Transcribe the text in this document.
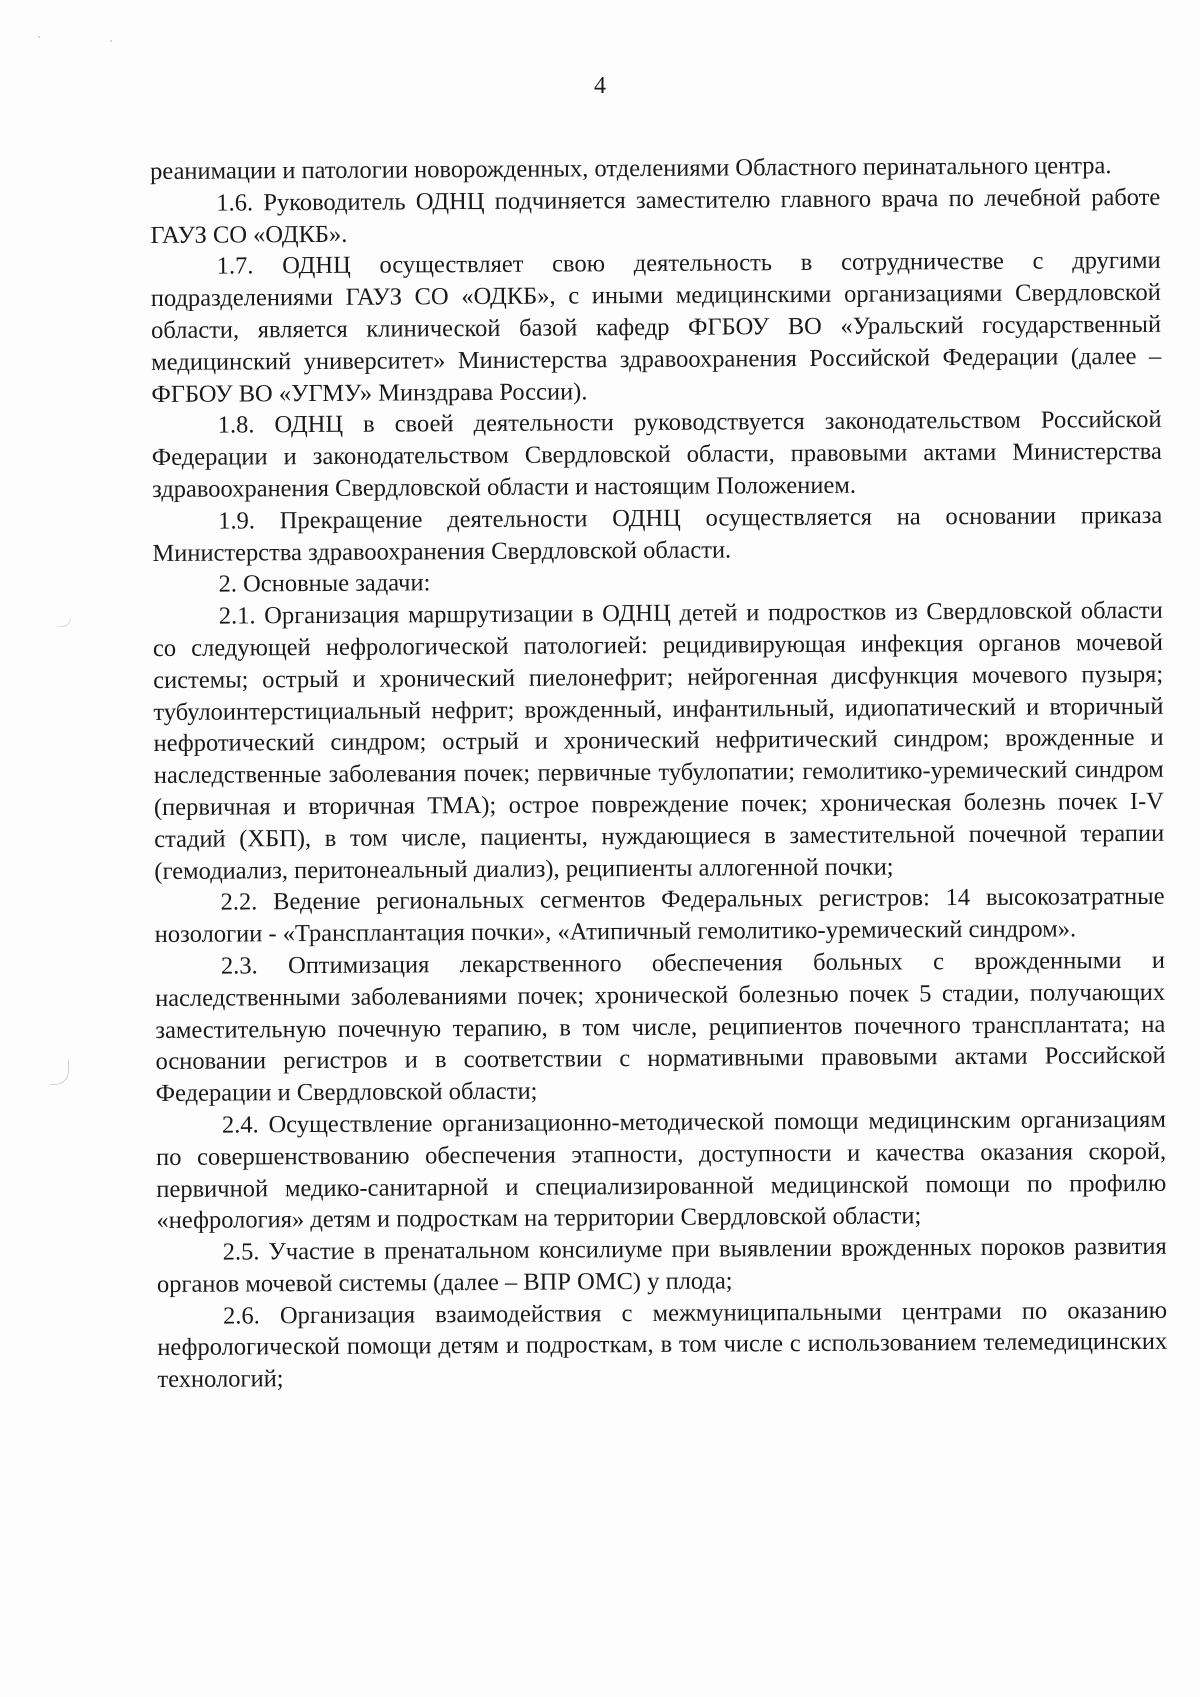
4

реанимации и патологии новорожденных, отделениями Областного перинатального центра.

1.6. Руководитель ОДНЦ подчиняется заместителю главного врача по лечебной работе ГАУЗ СО «ОДКБ».

1.7. ОДНЦ осуществляет свою деятельность в сотрудничестве с другими подразделениями ГАУЗ СО «ОДКБ», с иными медицинскими организациями Свердловской области, является клинической базой кафедр ФГБОУ ВО «Уральский государственный медицинский университет» Министерства здравоохранения Российской Федерации (далее – ФГБОУ ВО «УГМУ» Минздрава России).

1.8. ОДНЦ в своей деятельности руководствуется законодательством Российской Федерации и законодательством Свердловской области, правовыми актами Министерства здравоохранения Свердловской области и настоящим Положением.

1.9. Прекращение деятельности ОДНЦ осуществляется на основании приказа Министерства здравоохранения Свердловской области.

2. Основные задачи:

2.1. Организация маршрутизации в ОДНЦ детей и подростков из Свердловской области со следующей нефрологической патологией: рецидивирующая инфекция органов мочевой системы; острый и хронический пиелонефрит; нейрогенная дисфункция мочевого пузыря; тубулоинтерстициальный нефрит; врожденный, инфантильный, идиопатический и вторичный нефротический синдром; острый и хронический нефритический синдром; врожденные и наследственные заболевания почек; первичные тубулопатии; гемолитико-уремический синдром (первичная и вторичная ТМА); острое повреждение почек; хроническая болезнь почек I-V стадий (ХБП), в том числе, пациенты, нуждающиеся в заместительной почечной терапии (гемодиализ, перитонеальный диализ), реципиенты аллогенной почки;

2.2. Ведение региональных сегментов Федеральных регистров: 14 высокозатратные нозологии - «Трансплантация почки», «Атипичный гемолитико-уремический синдром».

2.3. Оптимизация лекарственного обеспечения больных с врожденными и наследственными заболеваниями почек; хронической болезнью почек 5 стадии, получающих заместительную почечную терапию, в том числе, реципиентов почечного трансплантата; на основании регистров и в соответствии с нормативными правовыми актами Российской Федерации и Свердловской области;

2.4. Осуществление организационно-методической помощи медицинским организациям по совершенствованию обеспечения этапности, доступности и качества оказания скорой, первичной медико-санитарной и специализированной медицинской помощи по профилю «нефрология» детям и подросткам на территории Свердловской области;

2.5. Участие в пренатальном консилиуме при выявлении врожденных пороков развития органов мочевой системы (далее – ВПР ОМС) у плода;

2.6. Организация взаимодействия с межмуниципальными центрами по оказанию нефрологической помощи детям и подросткам, в том числе с использованием телемедицинских технологий;
